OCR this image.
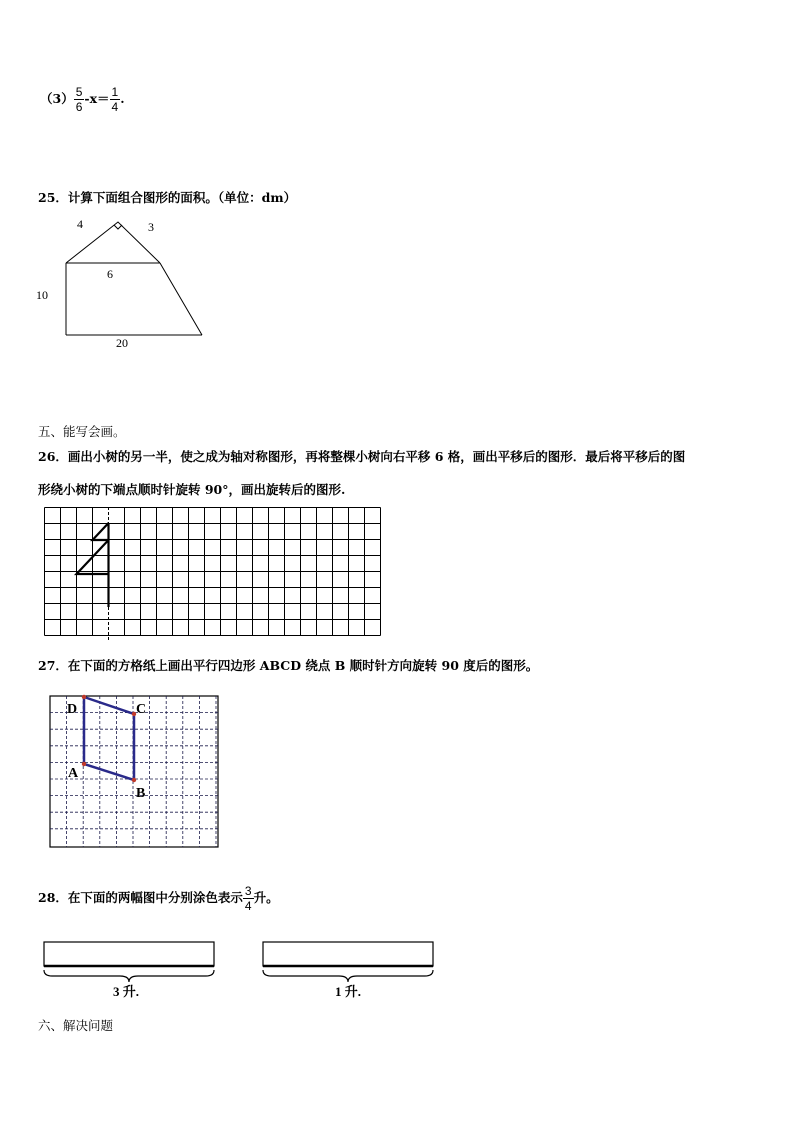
$(3) \frac{5}{6} -x= \frac{1}{4}$ .
25．计算下面组合图形的面积。（单位：dm）
4	3
6
10
20
五、能写会画。
26．画出小树的另一半，使之成为轴对称图形，再将整棵小树向右平移 6 格，画出平移后的图形．最后将平移后的图
形绕小树的下端点顺时针旋转 90°，画出旋转后的图形.
27．在下面的方格纸上画出平行四边形 ABCD 绕点 B 顺时针方向旋转 90 度后的图形。
D	C
A
B
28．在下面的两幅图中分别涂色表示 $\frac{3}{4}$ 升。
3 升.	1 升.
六、解决问题
